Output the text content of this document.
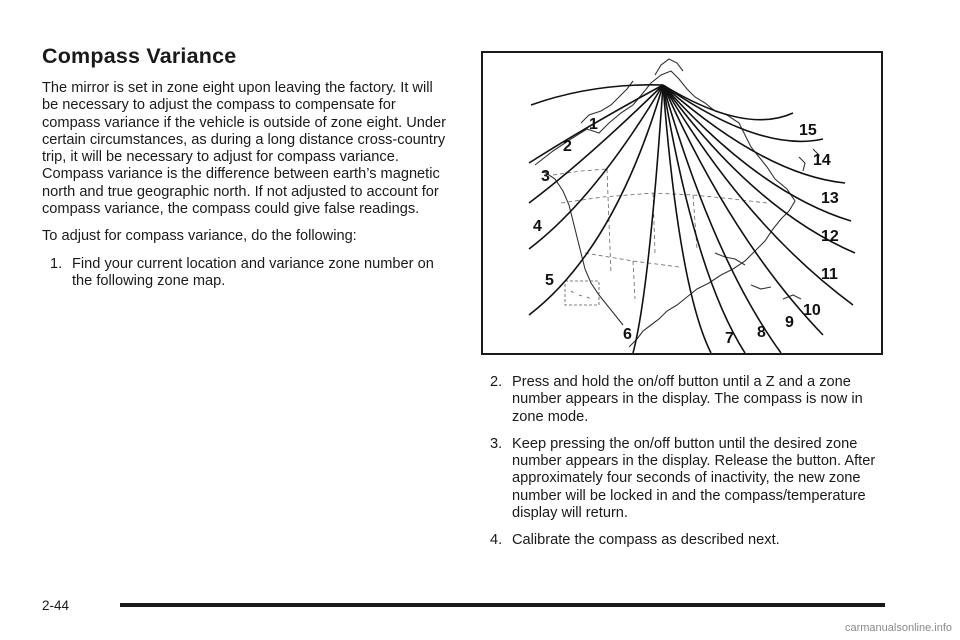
Compass Variance

The mirror is set in zone eight upon leaving the factory. It will be necessary to adjust the compass to compensate for compass variance if the vehicle is outside of zone eight. Under certain circumstances, as during a long distance cross-country trip, it will be necessary to adjust for compass variance. Compass variance is the difference between earth’s magnetic north and true geographic north. If not adjusted to account for compass variance, the compass could give false readings.

To adjust for compass variance, do the following:

1. Find your current location and variance zone number on the following zone map.
1
2
3
4
5
6	7 8
9
10
11
12
13
14
15
2. Press and hold the on/off button until a Z and a zone number appears in the display. The compass is now in zone mode.
3. Keep pressing the on/off button until the desired zone number appears in the display. Release the button. After approximately four seconds of inactivity, the new zone number will be locked in and the compass/temperature display will return.
4. Calibrate the compass as described next.
2-44
carmanualsonline.info
